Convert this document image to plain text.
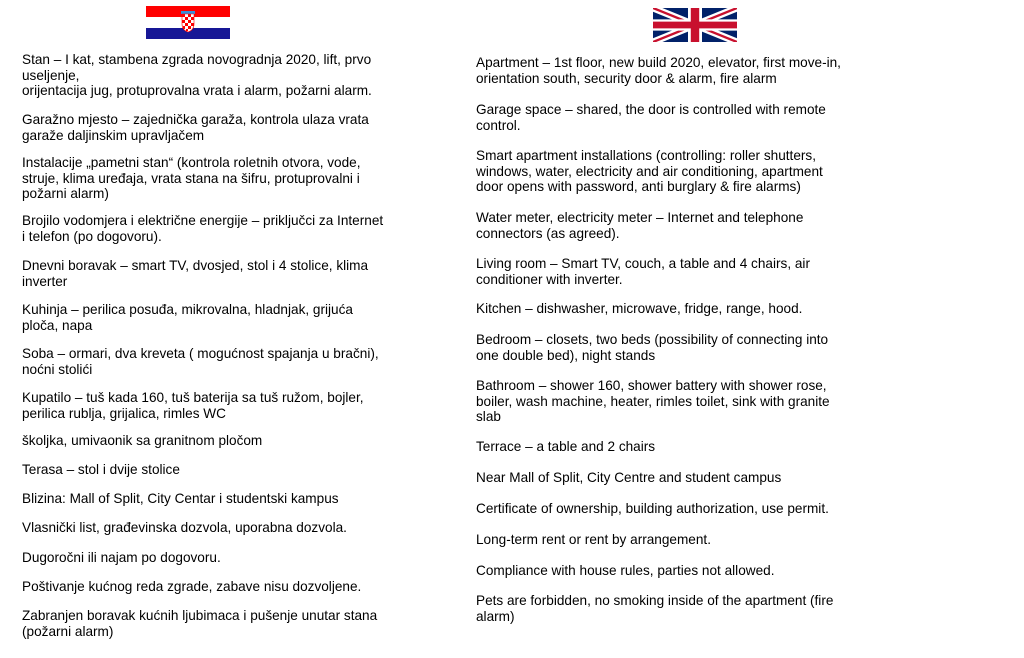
Stan – I kat, stambena zgrada novogradnja 2020, lift, prvo
useljenje,
orijentacija jug, protuprovalna vrata i alarm, požarni alarm.

Garažno mjesto – zajednička garaža, kontrola ulaza vrata
garaže daljinskim upravljačem

Instalacije „pametni stan“ (kontrola roletnih otvora, vode,
struje, klima uređaja, vrata stana na šifru, protuprovalni i
požarni alarm)

Brojilo vodomjera i električne energije – priključci za Internet
i telefon (po dogovoru).

Dnevni boravak – smart TV, dvosjed, stol i 4 stolice, klima
inverter

Kuhinja – perilica posuđa, mikrovalna, hladnjak, grijuća
ploča, napa

Soba – ormari, dva kreveta ( mogućnost spajanja u bračni),
noćni stolići

Kupatilo – tuš kada 160, tuš baterija sa tuš ružom, bojler,
perilica rublja, grijalica, rimles WC

školjka, umivaonik sa granitnom pločom

Terasa – stol i dvije stolice

Blizina: Mall of Split, City Centar i studentski kampus

Vlasnički list, građevinska dozvola, uporabna dozvola.

Dugoročni ili najam po dogovoru.

Poštivanje kućnog reda zgrade, zabave nisu dozvoljene.

Zabranjen boravak kućnih ljubimaca i pušenje unutar stana
(požarni alarm)

Apartment – 1st floor, new build 2020, elevator, first move-in,
orientation south, security door & alarm, fire alarm

Garage space – shared, the door is controlled with remote
control.

Smart apartment installations (controlling: roller shutters,
windows, water, electricity and air conditioning, apartment
door opens with password, anti burglary & fire alarms)

Water meter, electricity meter – Internet and telephone
connectors (as agreed).

Living room – Smart TV, couch, a table and 4 chairs, air
conditioner with inverter.

Kitchen – dishwasher, microwave, fridge, range, hood.

Bedroom – closets, two beds (possibility of connecting into
one double bed), night stands

Bathroom – shower 160, shower battery with shower rose,
boiler, wash machine, heater, rimles toilet, sink with granite
slab

Terrace – a table and 2 chairs

Near Mall of Split, City Centre and student campus

Certificate of ownership, building authorization, use permit.

Long-term rent or rent by arrangement.

Compliance with house rules, parties not allowed.

Pets are forbidden, no smoking inside of the apartment (fire
alarm)
